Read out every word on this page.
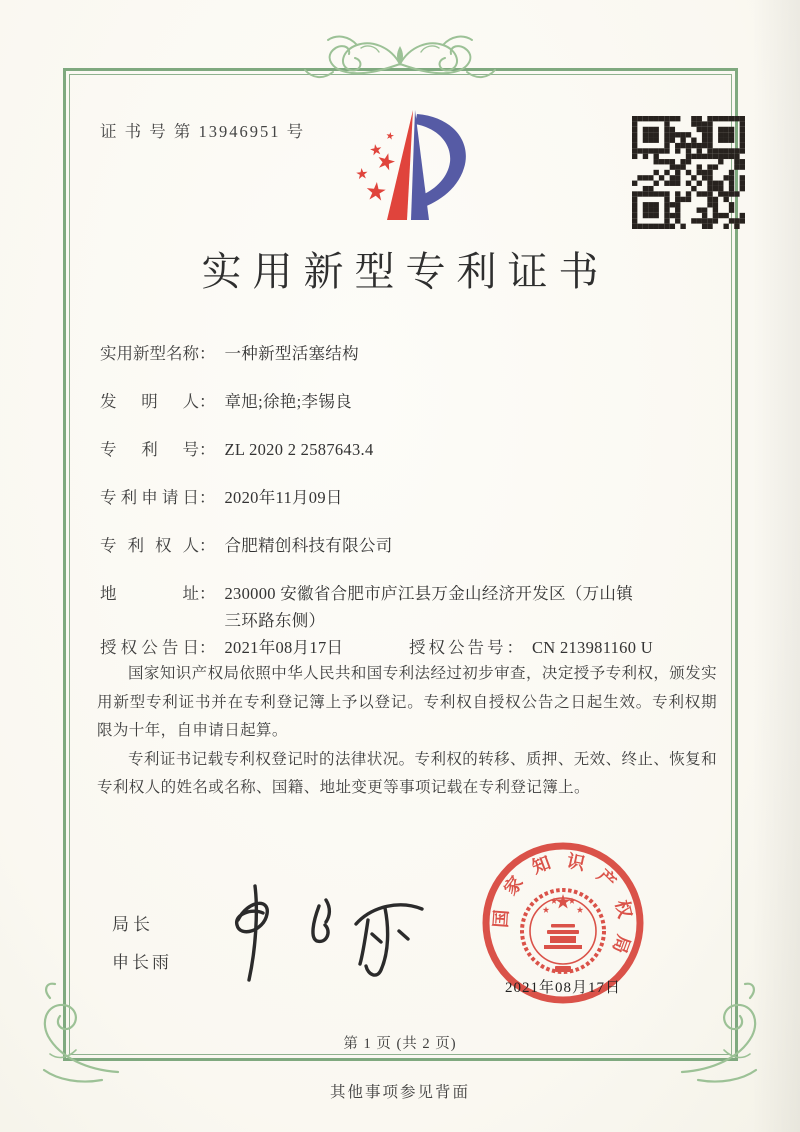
证 书 号 第 13946951 号
实用新型专利证书
实用新型名称 ： 一种新型活塞结构
发明人 ： 章旭;徐艳;李锡良
专利号 ： ZL 2020 2 2587643.4
专利申请日 ： 2020年11月09日
专利权人 ： 合肥精创科技有限公司
地址 ： 230000 安徽省合肥市庐江县万金山经济开发区（万山镇三环路东侧）
授权公告日 ： 2021年08月17日	授权公告号 ： CN 213981160 U

国家知识产权局依照中华人民共和国专利法经过初步审查，决定授予专利权，颁发实用新型专利证书并在专利登记簿上予以登记。专利权自授权公告之日起生效。专利权期限为十年，自申请日起算。

专利证书记载专利权登记时的法律状况。专利权的转移、质押、无效、终止、恢复和专利权人的姓名或名称、国籍、地址变更等事项记载在专利登记簿上。

局长
申长雨
国
家
知 识
产
权
局
2021年08月17日
第 1 页 (共 2 页)
其他事项参见背面
